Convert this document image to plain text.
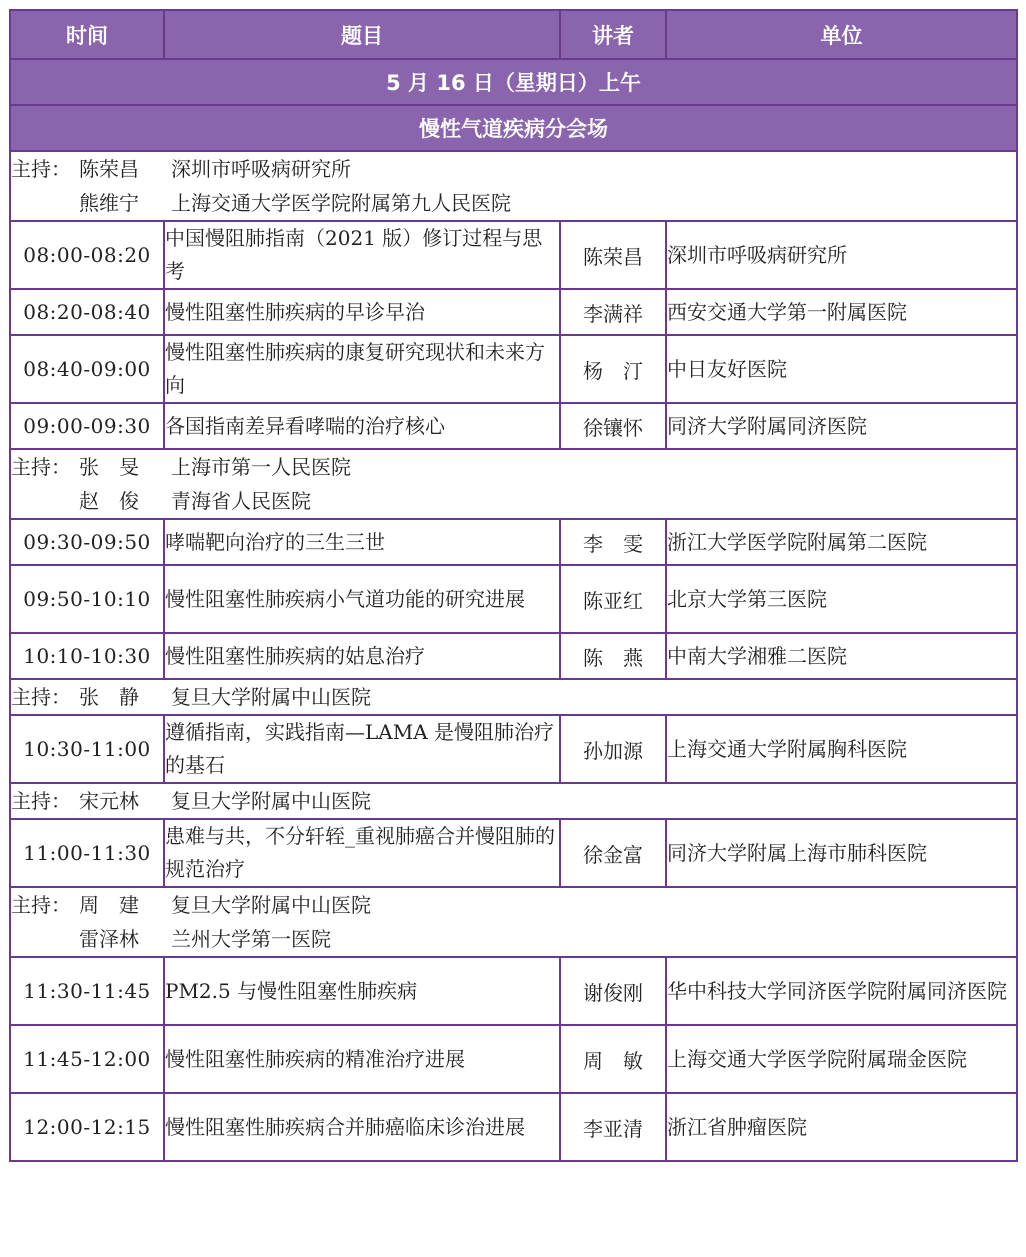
时间	题目	讲者	单位
5 月 16 日（星期日）上午			
慢性气道疾病分会场			

主持： 陈荣昌 深圳市呼吸病研究所
熊维宁 上海交通大学医学院附属第九人民医院			

08:00-08:20	中国慢阻肺指南（2021 版）修订过程与思考	陈荣昌	深圳市呼吸病研究所
08:20-08:40	慢性阻塞性肺疾病的早诊早治	李满祥	西安交通大学第一附属医院
08:40-09:00	慢性阻塞性肺疾病的康复研究现状和未来方向	杨　汀	中日友好医院
09:00-09:30	各国指南差异看哮喘的治疗核心	徐镶怀	同济大学附属同济医院

主持： 张　旻 上海市第一人民医院
赵　俊 青海省人民医院			

09:30-09:50	哮喘靶向治疗的三生三世	李　雯	浙江大学医学院附属第二医院
09:50-10:10	慢性阻塞性肺疾病小气道功能的研究进展	陈亚红	北京大学第三医院
10:10-10:30	慢性阻塞性肺疾病的姑息治疗	陈　燕	中南大学湘雅二医院

主持： 张　静 复旦大学附属中山医院			

10:30-11:00	遵循指南，实践指南—LAMA 是慢阻肺治疗的基石	孙加源	上海交通大学附属胸科医院

主持： 宋元林 复旦大学附属中山医院			

11:00-11:30	患难与共，不分轩轾_重视肺癌合并慢阻肺的规范治疗	徐金富	同济大学附属上海市肺科医院

主持： 周　建 复旦大学附属中山医院
雷泽林 兰州大学第一医院			

11:30-11:45	PM2.5 与慢性阻塞性肺疾病	谢俊刚	华中科技大学同济医学院附属同济医院
11:45-12:00	慢性阻塞性肺疾病的精准治疗进展	周　敏	上海交通大学医学院附属瑞金医院
12:00-12:15	慢性阻塞性肺疾病合并肺癌临床诊治进展	李亚清	浙江省肿瘤医院
